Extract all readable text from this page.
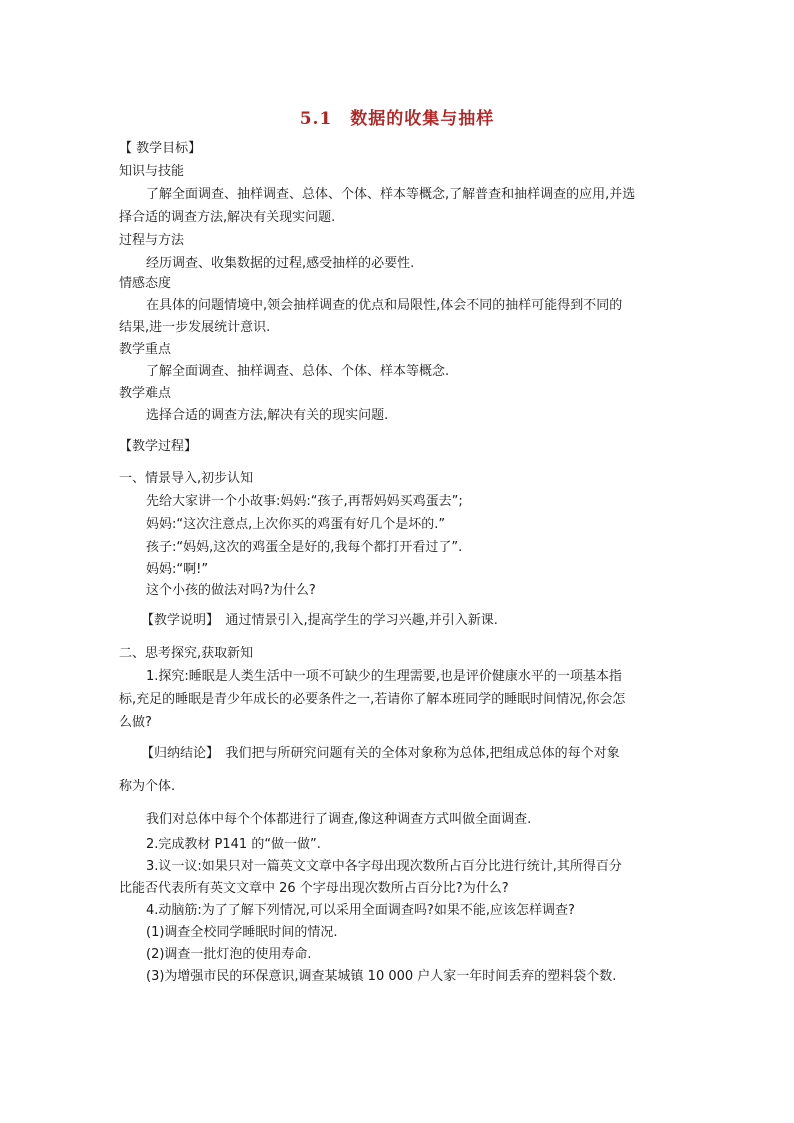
5.1　数据的收集与抽样
【 教学目标】
知识与技能
了解全面调查、抽样调查、总体、个体、样本等概念,了解普查和抽样调查的应用,并选
择合适的调查方法,解决有关现实问题.
过程与方法
经历调查、收集数据的过程,感受抽样的必要性.
情感态度
在具体的问题情境中,领会抽样调查的优点和局限性,体会不同的抽样可能得到不同的
结果,进一步发展统计意识.
教学重点
了解全面调查、抽样调查、总体、个体、样本等概念.
教学难点
选择合适的调查方法,解决有关的现实问题.
【教学过程】
一、情景导入,初步认知
先给大家讲一个小故事:妈妈:“孩子,再帮妈妈买鸡蛋去”;
妈妈:“这次注意点,上次你买的鸡蛋有好几个是坏的.”
孩子:“妈妈,这次的鸡蛋全是好的,我每个都打开看过了”.
妈妈:“啊!”
这个小孩的做法对吗?为什么?
【教学说明】　通过情景引入,提高学生的学习兴趣,并引入新课.
二、思考探究,获取新知
1.探究:睡眠是人类生活中一项不可缺少的生理需要,也是评价健康水平的一项基本指
标,充足的睡眠是青少年成长的必要条件之一,若请你了解本班同学的睡眠时间情况,你会怎
么做?
【归纳结论】　我们把与所研究问题有关的全体对象称为总体,把组成总体的每个对象
称为个体.
我们对总体中每个个体都进行了调查,像这种调查方式叫做全面调查.
2.完成教材 P141 的“做一做”.
3.议一议:如果只对一篇英文文章中各字母出现次数所占百分比进行统计,其所得百分
比能否代表所有英文文章中 26 个字母出现次数所占百分比?为什么?
4.动脑筋:为了了解下列情况,可以采用全面调查吗?如果不能,应该怎样调查?
(1)调查全校同学睡眠时间的情况.
(2)调查一批灯泡的使用寿命.
(3)为增强市民的环保意识,调查某城镇 10 000 户人家一年时间丢弃的塑料袋个数.
